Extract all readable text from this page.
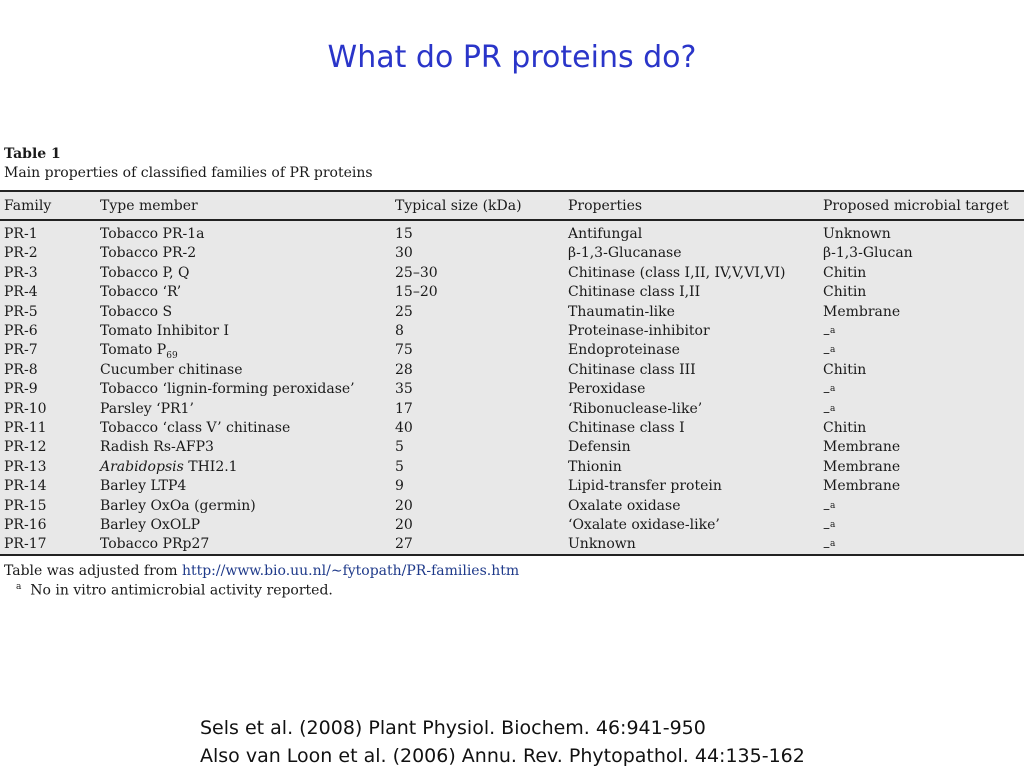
What do PR proteins do?
Table 1
Main properties of classified families of PR proteins
Family	Type member	Typical size (kDa)	Properties	Proposed microbial target
PR-1	Tobacco PR-1a	15	Antifungal	Unknown
PR-2	Tobacco PR-2	30	β-1,3-Glucanase	β-1,3-Glucan
PR-3	Tobacco P, Q	25–30	Chitinase (class I,II, IV,V,VI,VI)	Chitin
PR-4	Tobacco ‘R’	15–20	Chitinase class I,II	Chitin
PR-5	Tobacco S	25	Thaumatin-like	Membrane
PR-6	Tomato Inhibitor I	8	Proteinase-inhibitor	–$^a$
PR-7	Tomato $P_{69}$	75	Endoproteinase	–$^a$
PR-8	Cucumber chitinase	28	Chitinase class III	Chitin
PR-9	Tobacco ‘lignin-forming peroxidase’	35	Peroxidase	–$^a$
PR-10	Parsley ‘PR1’	17	‘Ribonuclease-like’	–$^a$
PR-11	Tobacco ‘class V’ chitinase	40	Chitinase class I	Chitin
PR-12	Radish Rs-AFP3	5	Defensin	Membrane
PR-13	Arabidopsis THI2.1	5	Thionin	Membrane
PR-14	Barley LTP4	9	Lipid-transfer protein	Membrane
PR-15	Barley OxOa (germin)	20	Oxalate oxidase	–$^a$
PR-16	Barley OxOLP	20	‘Oxalate oxidase-like’	–$^a$
PR-17	Tobacco PRp27	27	Unknown	–$^a$
Table was adjusted from http://www.bio.uu.nl/∼fytopath/PR-families.htm
$^a$ No in vitro antimicrobial activity reported.
Sels et al. (2008) Plant Physiol. Biochem. 46:941-950
Also van Loon et al. (2006) Annu. Rev. Phytopathol. 44:135-162
